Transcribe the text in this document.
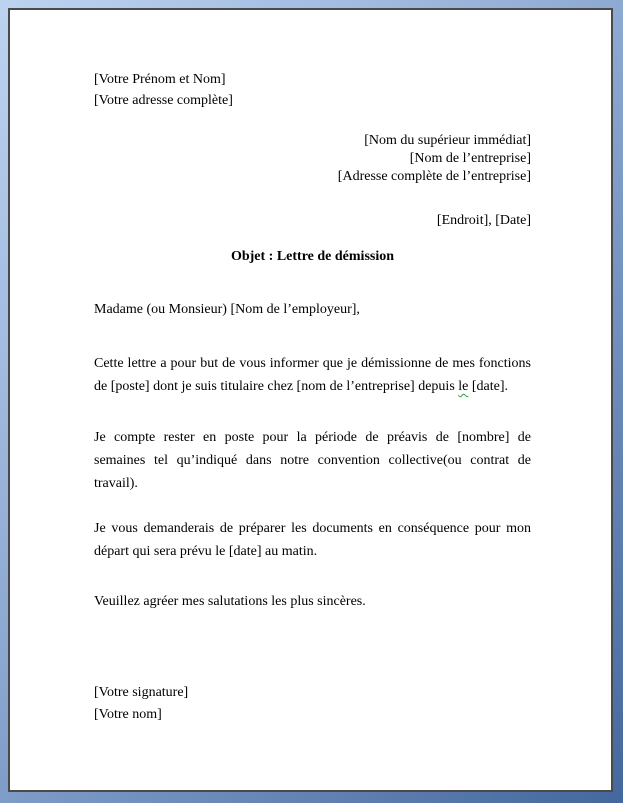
[Votre Prénom et Nom]
[Votre adresse complète]
[Nom du supérieur immédiat]
[Nom de l’entreprise]
[Adresse complète de l’entreprise]
[Endroit], [Date]
Objet : Lettre de démission
Madame (ou Monsieur) [Nom de l’employeur],
Cette lettre a pour but de vous informer que je démissionne de mes fonctions
de [poste] dont je suis titulaire chez [nom de l’entreprise] depuis le [date].
Je compte rester en poste pour la période de préavis de [nombre] de
semaines tel qu’indiqué dans notre convention collective(ou contrat de
travail).
Je vous demanderais de préparer les documents en conséquence pour mon
départ qui sera prévu le [date] au matin.
Veuillez agréer mes salutations les plus sincères.
[Votre signature]
[Votre nom]
